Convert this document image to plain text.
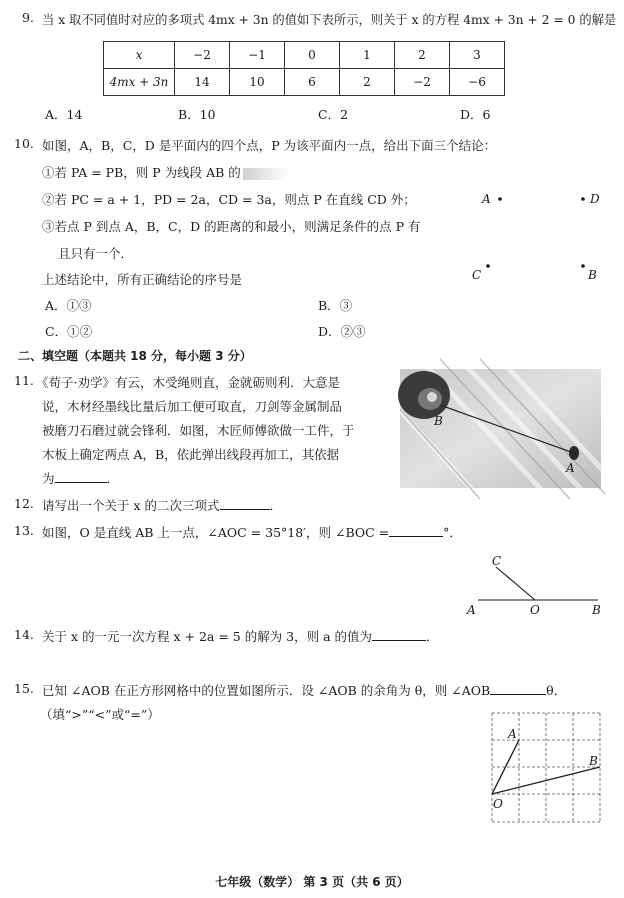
9. 当 x 取不同值时对应的多项式 4mx + 3n 的值如下表所示，则关于 x 的方程 4mx + 3n + 2 = 0 的解是
x	−2	−1	0	1	2	3
4mx + 3n	14	10	6	2	−2	−6
A．14	B．10	C．2	D．6
10. 如图，A，B，C，D 是平面内的四个点，P 为该平面内一点，给出下面三个结论：
①若 PA = PB，则 P 为线段 AB 的
②若 PC = a + 1，PD = 2a，CD = 3a，则点 P 在直线 CD 外；
③若点 P 到点 A，B，C，D 的距离的和最小，则满足条件的点 P 有
且只有一个．
上述结论中，所有正确结论的序号是
A．①③	B．③
C．①②	D．②③
A	D
C	B
二、填空题（本题共 18 分，每小题 3 分）
11. 《荀子·劝学》有云，木受绳则直，金就砺则利．大意是
说，木材经墨线比量后加工便可取直，刀剑等金属制品
被磨刀石磨过就会锋利．如图，木匠师傅欲做一工件，于
木板上确定两点 A，B，依此弹出线段再加工，其依据
为	．
B
A
12. 请写出一个关于 x 的二次三项式	．
13. 如图，O 是直线 AB 上一点，∠AOC = 35°18′，则 ∠BOC =	°．
C
A	O	B
14. 关于 x 的一元一次方程 x + 2a = 5 的解为 3，则 a 的值为	．
15. 已知 ∠AOB 在正方形网格中的位置如图所示．设 ∠AOB 的余角为 θ，则 ∠AOB	θ．
（填“>”“<”或“=”）
A
B
O
七年级（数学） 第 3 页（共 6 页）
